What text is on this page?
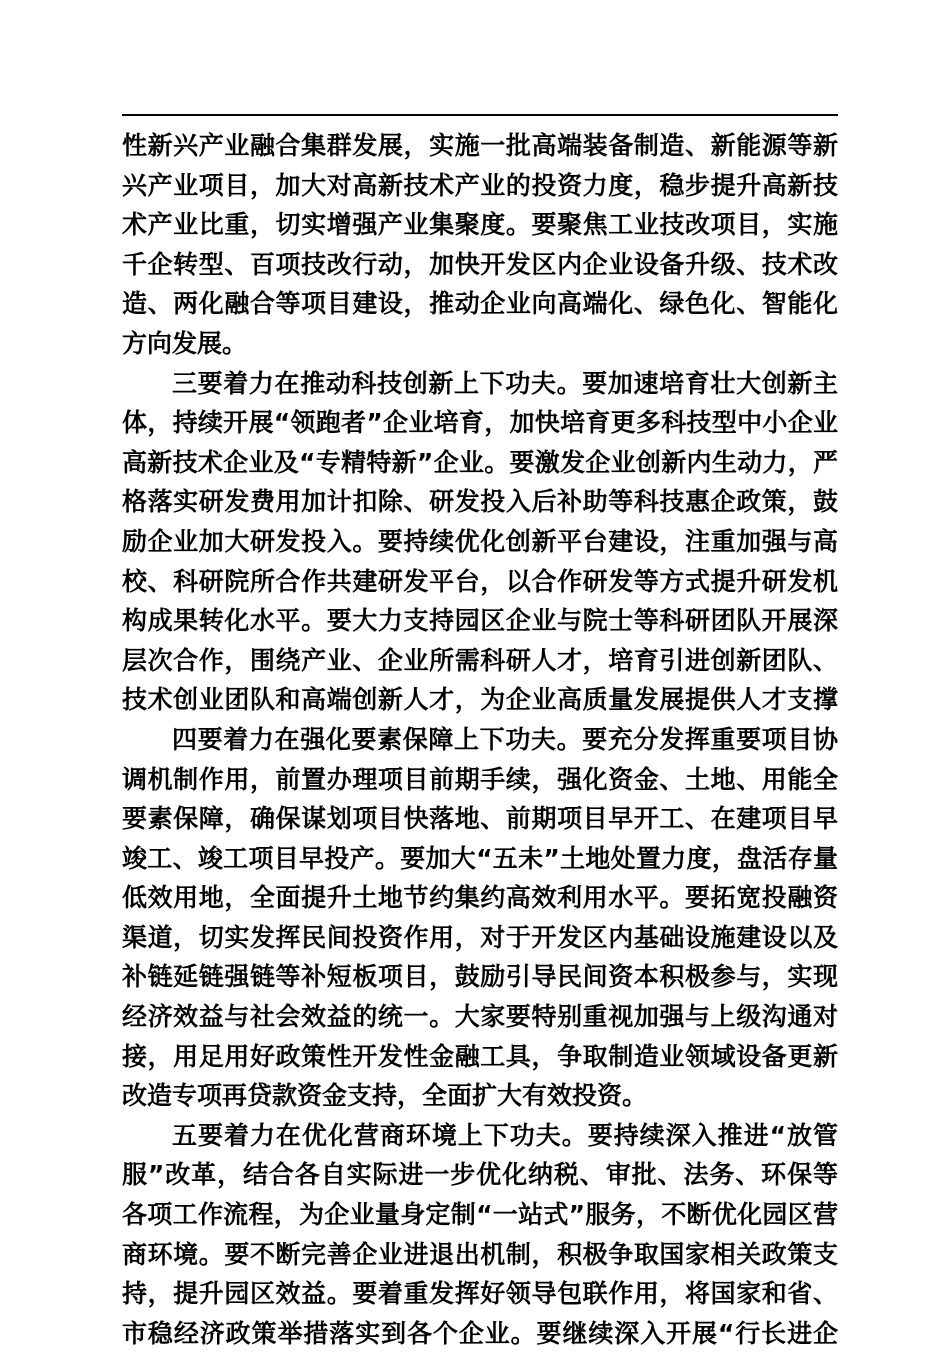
性新兴产业融合集群发展，实施一批高端装备制造、新能源等新
兴产业项目，加大对高新技术产业的投资力度，稳步提升高新技
术产业比重，切实增强产业集聚度。要聚焦工业技改项目，实施
千企转型、百项技改行动，加快开发区内企业设备升级、技术改
造、两化融合等项目建设，推动企业向高端化、绿色化、智能化
方向发展。
三要着力在推动科技创新上下功夫。要加速培育壮大创新主
体，持续开展“领跑者”企业培育，加快培育更多科技型中小企业
高新技术企业及“专精特新”企业。要激发企业创新内生动力，严
格落实研发费用加计扣除、研发投入后补助等科技惠企政策，鼓
励企业加大研发投入。要持续优化创新平台建设，注重加强与高
校、科研院所合作共建研发平台，以合作研发等方式提升研发机
构成果转化水平。要大力支持园区企业与院士等科研团队开展深
层次合作，围绕产业、企业所需科研人才，培育引进创新团队、
技术创业团队和高端创新人才，为企业高质量发展提供人才支撑
四要着力在强化要素保障上下功夫。要充分发挥重要项目协
调机制作用，前置办理项目前期手续，强化资金、土地、用能全
要素保障，确保谋划项目快落地、前期项目早开工、在建项目早
竣工、竣工项目早投产。要加大“五未”土地处置力度，盘活存量
低效用地，全面提升土地节约集约高效利用水平。要拓宽投融资
渠道，切实发挥民间投资作用，对于开发区内基础设施建设以及
补链延链强链等补短板项目，鼓励引导民间资本积极参与，实现
经济效益与社会效益的统一。大家要特别重视加强与上级沟通对
接，用足用好政策性开发性金融工具，争取制造业领域设备更新
改造专项再贷款资金支持，全面扩大有效投资。
五要着力在优化营商环境上下功夫。要持续深入推进“放管
服”改革，结合各自实际进一步优化纳税、审批、法务、环保等
各项工作流程，为企业量身定制“一站式”服务，不断优化园区营
商环境。要不断完善企业进退出机制，积极争取国家相关政策支
持，提升园区效益。要着重发挥好领导包联作用，将国家和省、
市稳经济政策举措落实到各个企业。要继续深入开展“行长进企
